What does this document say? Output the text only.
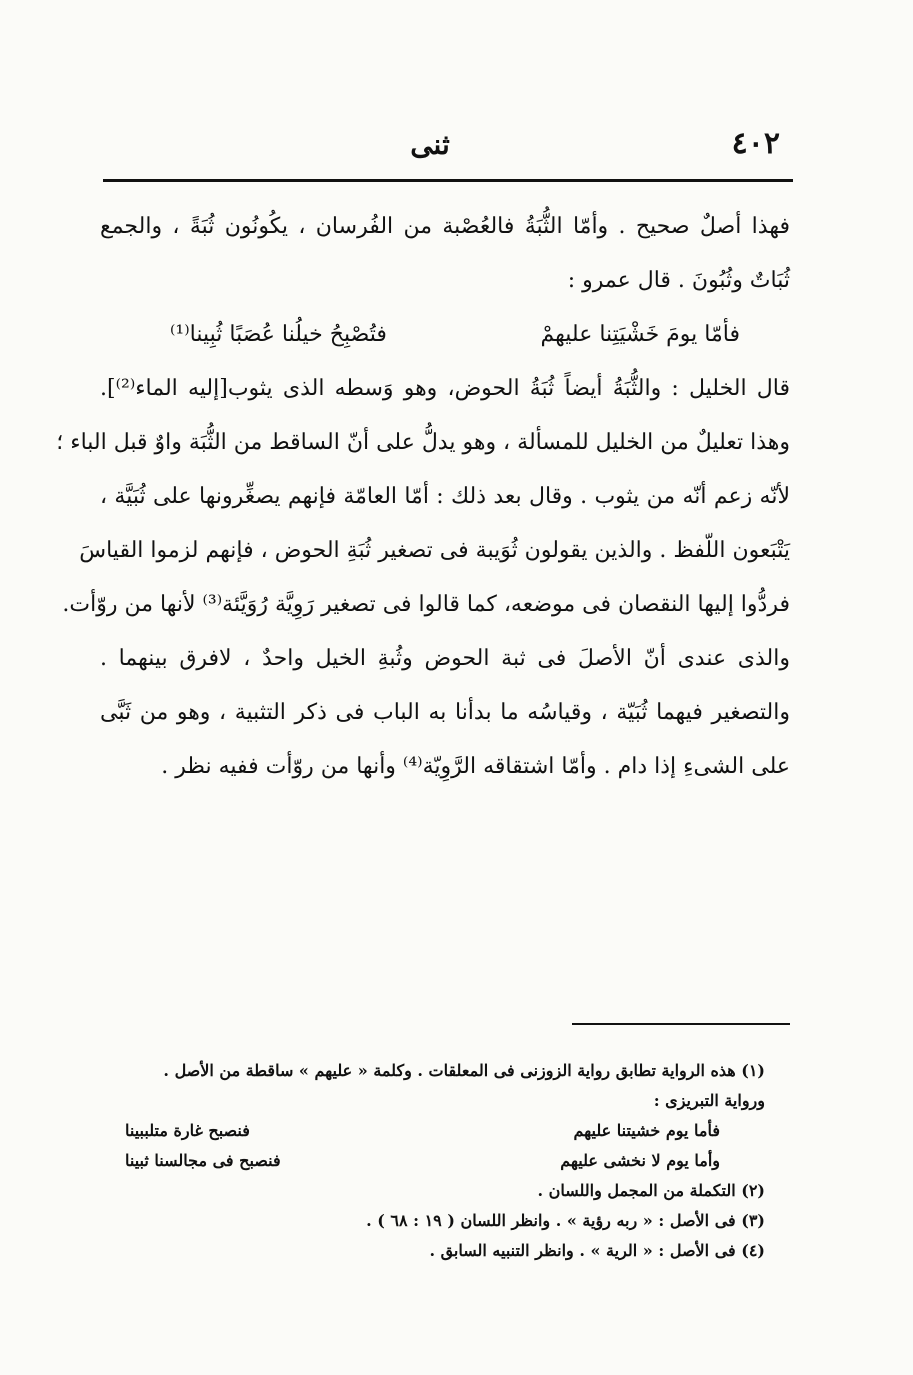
٤٠٢
ثنى
فهذا أصلٌ صحيح . وأمّا الثُّبَةُ فالعُصْبة من الفُرسان ، يكُونُون ثُبَةً ، والجمع
ثُبَاتٌ وثُبُونَ . قال عمرو :
فأمّا يومَ خَشْيَتِنا عليهمْ
فتُصْبِحُ خيلُنا عُصَبًا ثُبِينا⁽¹⁾
قال الخليل : والثُّبَةُ أيضاً ثُبَةُ الحوض، وهو وَسطه الذى يثوب[إليه الماء⁽²⁾].
وهذا تعليلٌ من الخليل للمسألة ، وهو يدلُّ على أنّ الساقط من الثُّبَة واوٌ قبل الباء ؛
لأنّه زعم أنّه من يثوب . وقال بعد ذلك : أمّا العامّة فإنهم يصغِّرونها على ثُبَيَّة ،
يَتْبَعون اللّفظ . والذين يقولون ثُوَيبة فى تصغير ثُبَةِ الحوض ، فإنهم لزموا القياسَ
فردُّوا إليها النقصان فى موضعه، كما قالوا فى تصغير رَوِيَّة رُوَيَّئة⁽³⁾ لأنها من روّأت.
والذى عندى أنّ الأصلَ فى ثبة الحوض وثُبةِ الخيل واحدٌ ، لافرق بينهما .
والتصغير فيهما ثُبَيّة ، وقياسُه ما بدأنا به الباب فى ذكر التثبية ، وهو من ثَبَّى
على الشىءِ إذا دام . وأمّا اشتقاقه الرَّوِيّة⁽⁴⁾ وأنها من روّأت ففيه نظر .
(١) هذه الرواية تطابق رواية الزوزنى فى المعلقات . وكلمة « عليهم » ساقطة من الأصل .
ورواية التبريزى :
فأما يوم خشيتنا عليهم
فنصبح غارة متلببينا
وأما يوم لا نخشى عليهم
فنصبح فى مجالسنا ثبينا
(٢) التكملة من المجمل واللسان .
(٣) فى الأصل : « ربه رؤية » . وانظر اللسان ( ١٩ : ٦٨ ) .
(٤) فى الأصل : « الرية » . وانظر التنبيه السابق .
